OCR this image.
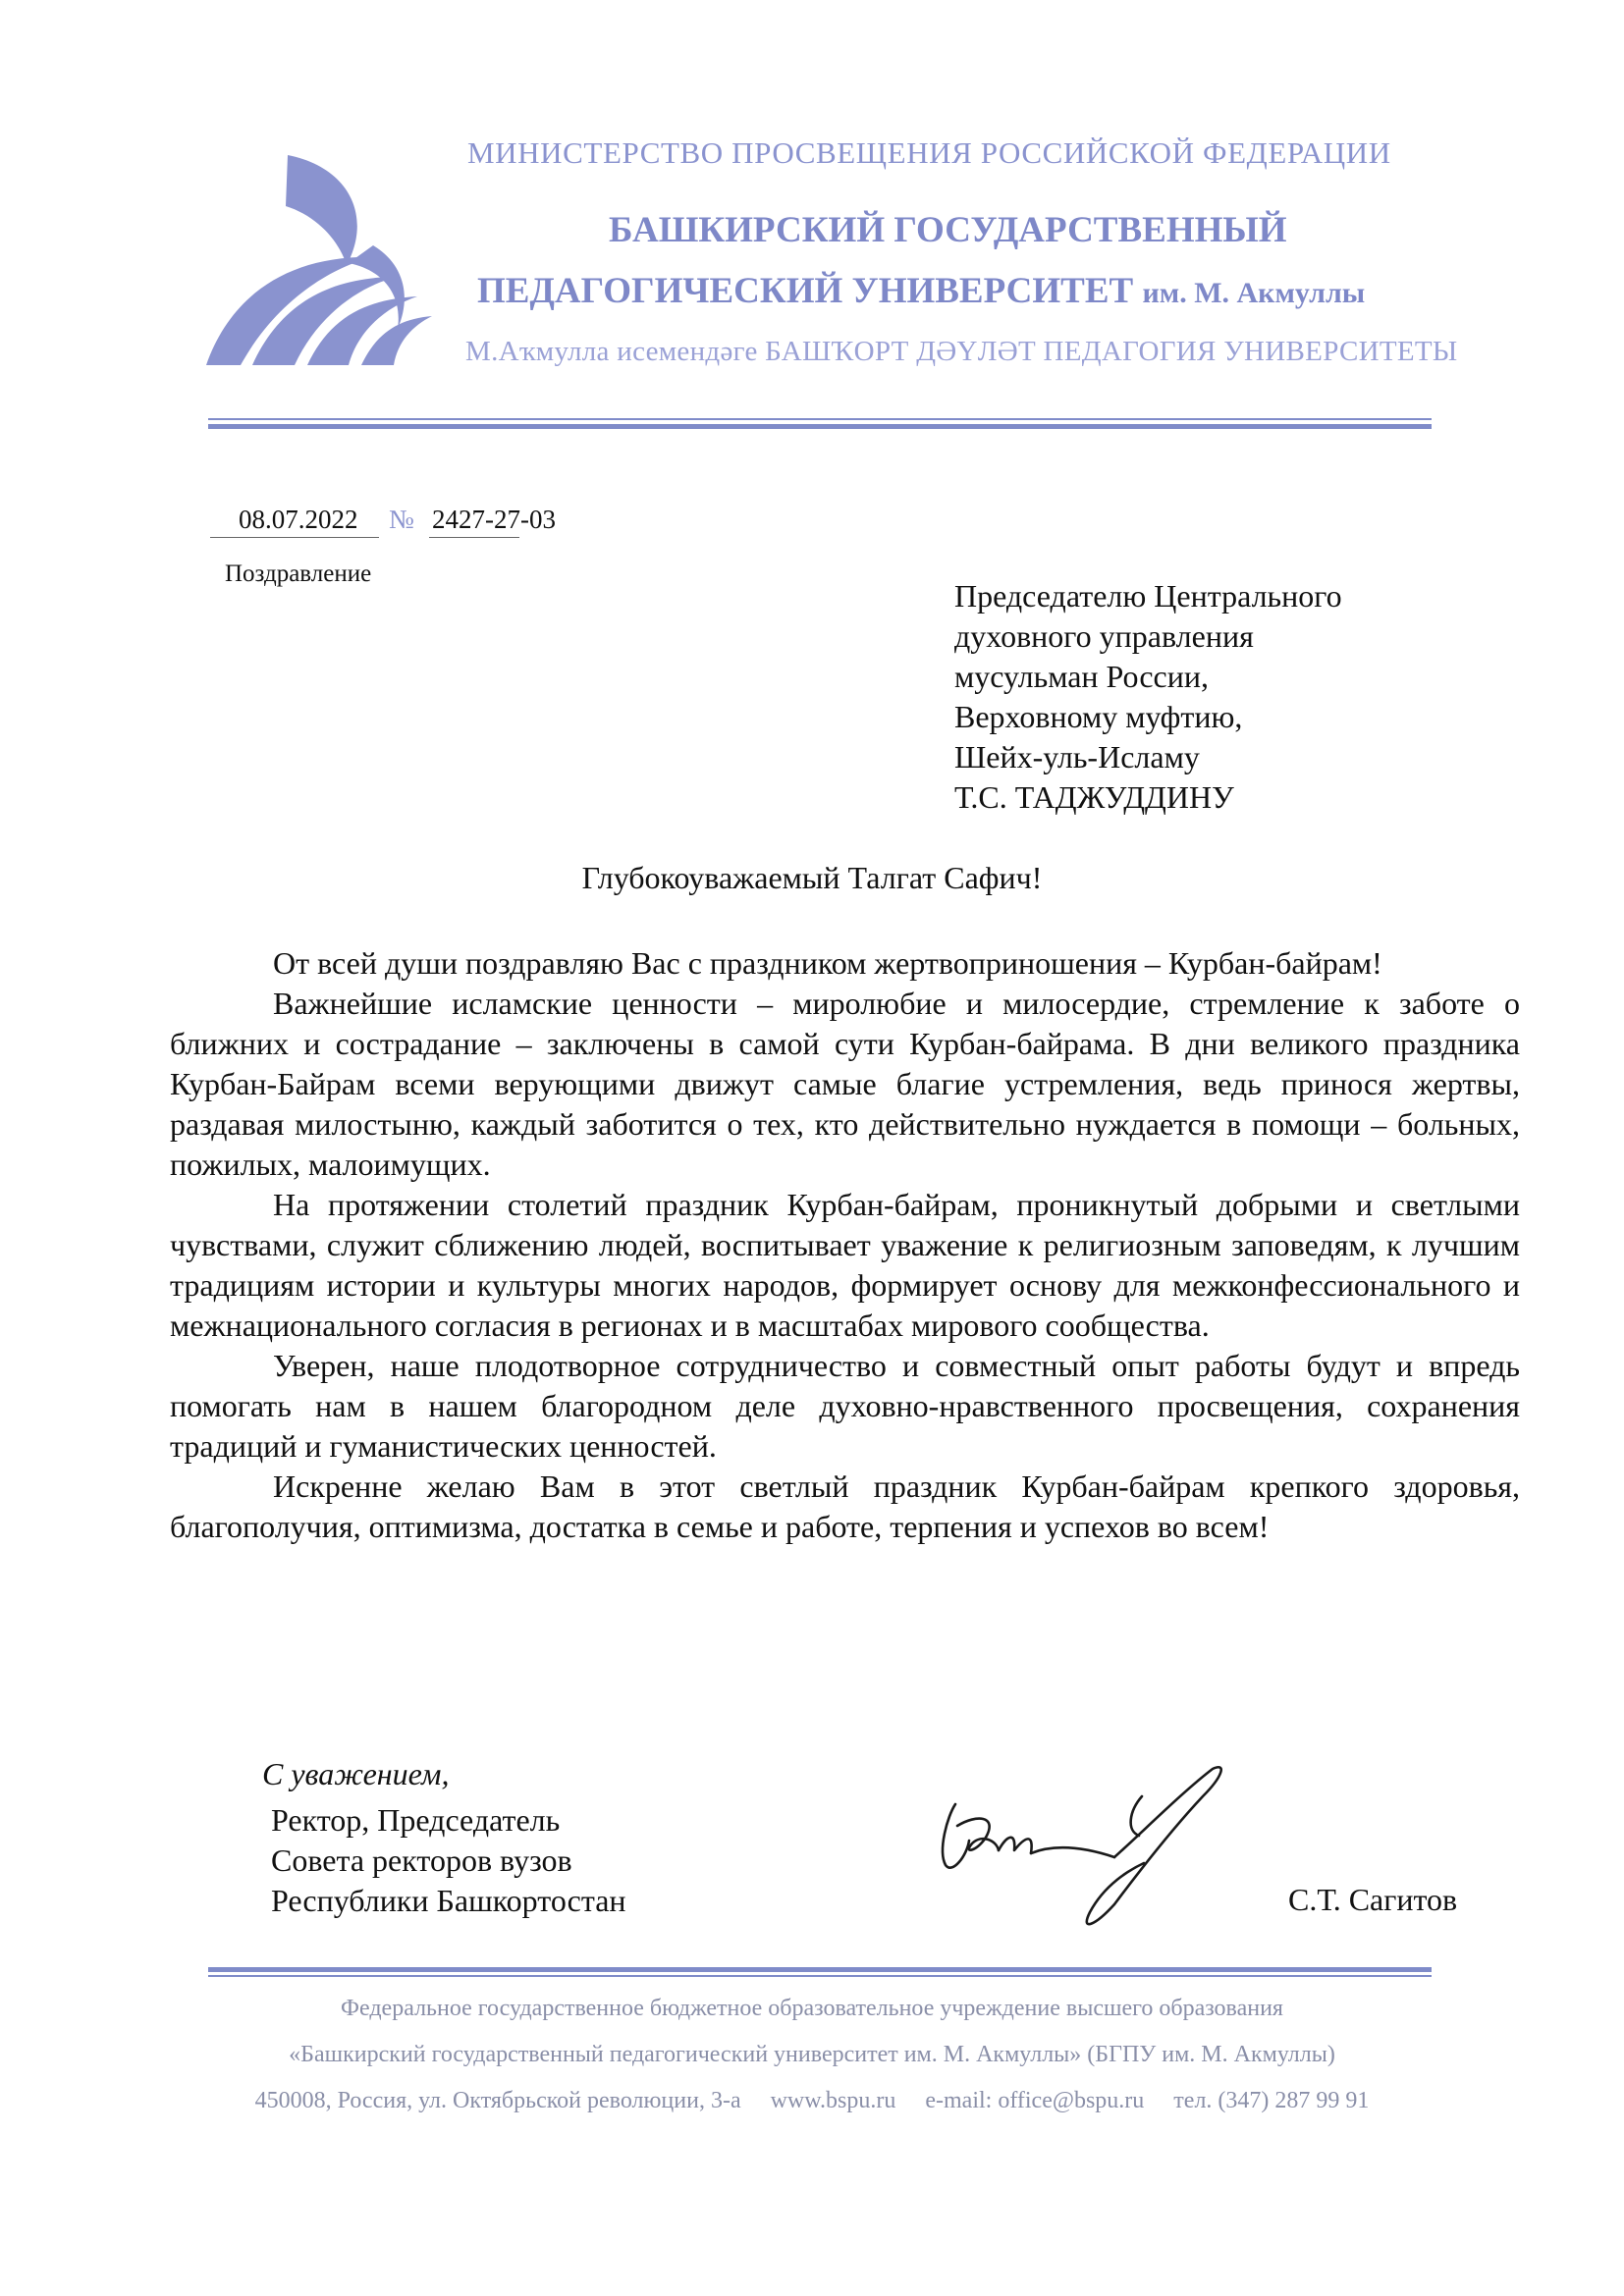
МИНИСТЕРСТВО ПРОСВЕЩЕНИЯ РОССИЙСКОЙ ФЕДЕРАЦИИ
БАШКИРСКИЙ ГОСУДАРСТВЕННЫЙ
ПЕДАГОГИЧЕСКИЙ УНИВЕРСИТЕТ им. М. Акмуллы
М.Аҡмулла исемендәге БАШҠОРТ ДӘҮЛӘТ ПЕДАГОГИЯ УНИВЕРСИТЕТЫ
08.07.2022 № 2427-27-03
Поздравление
Председателю Центрального
духовного управления
мусульман России,
Верховному муфтию,
Шейх-уль-Исламу
Т.С. ТАДЖУДДИНУ
Глубокоуважаемый Талгат Сафич!

От всей души поздравляю Вас с праздником жертвоприношения – Курбан-байрам!

Важнейшие исламские ценности – миролюбие и милосердие, стремление к заботе о ближних и сострадание – заключены в самой сути Курбан-байрама. В дни великого праздника Курбан-Байрам всеми верующими движут самые благие устремления, ведь принося жертвы, раздавая милостыню, каждый заботится о тех, кто действительно нуждается в помощи – больных, пожилых, малоимущих.

На протяжении столетий праздник Курбан-байрам, проникнутый добрыми и светлыми чувствами, служит сближению людей, воспитывает уважение к религиозным заповедям, к лучшим традициям истории и культуры многих народов, формирует основу для межконфессионального и межнационального согласия в регионах и в масштабах мирового сообщества.

Уверен, наше плодотворное сотрудничество и совместный опыт работы будут и впредь помогать нам в нашем благородном деле духовно-нравственного просвещения, сохранения традиций и гуманистических ценностей.

Искренне желаю Вам в этот светлый праздник Курбан-байрам крепкого здоровья, благополучия, оптимизма, достатка в семье и работе, терпения и успехов во всем!

С уважением,
Ректор, Председатель
Совета ректоров вузов
Республики Башкортостан	С.Т. Сагитов
Федеральное государственное бюджетное образовательное учреждение высшего образования
«Башкирский государственный педагогический университет им. М. Акмуллы» (БГПУ им. М. Акмуллы)
450008, Россия, ул. Октябрьской революции, 3-а     www.bspu.ru     e-mail: office@bspu.ru     тел. (347) 287 99 91
